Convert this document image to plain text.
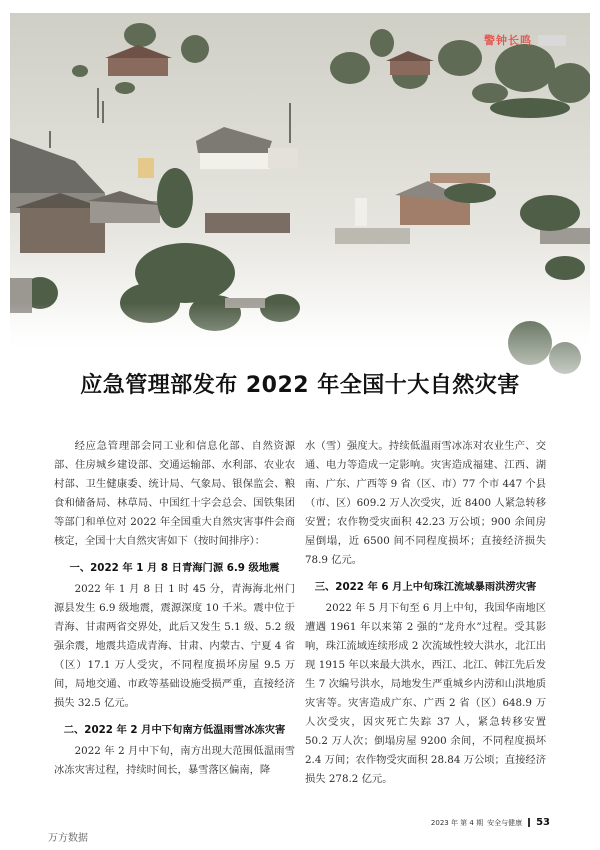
警钟长鸣
应急管理部发布 2022 年全国十大自然灾害

经应急管理部会同工业和信息化部、自然资源部、住房城乡建设部、交通运输部、水利部、农业农村部、卫生健康委、统计局、气象局、银保监会、粮食和储备局、林草局、中国红十字会总会、国铁集团等部门和单位对 2022 年全国重大自然灾害事件会商核定，全国十大自然灾害如下（按时间排序）：

一、2022 年 1 月 8 日青海门源 6.9 级地震

2022 年 1 月 8 日 1 时 45 分，青海海北州门源县发生 6.9 级地震，震源深度 10 千米。震中位于青海、甘肃两省交界处，此后又发生 5.1 级、5.2 级强余震，地震共造成青海、甘肃、内蒙古、宁夏 4 省（区）17.1 万人受灾，不同程度损坏房屋 9.5 万间，局地交通、市政等基础设施受损严重，直接经济损失 32.5 亿元。

二、2022 年 2 月中下旬南方低温雨雪冰冻灾害

2022 年 2 月中下旬，南方出现大范围低温雨雪冰冻灾害过程，持续时间长，暴雪落区偏南，降

水（雪）强度大。持续低温雨雪冰冻对农业生产、交通、电力等造成一定影响。灾害造成福建、江西、湖南、广东、广西等 9 省（区、市）77 个市 447 个县（市、区）609.2 万人次受灾，近 8400 人紧急转移安置；农作物受灾面积 42.23 万公顷；900 余间房屋倒塌，近 6500 间不同程度损坏；直接经济损失 78.9 亿元。

三、2022 年 6 月上中旬珠江流域暴雨洪涝灾害

2022 年 5 月下旬至 6 月上中旬，我国华南地区遭遇 1961 年以来第 2 强的“龙舟水”过程。受其影响，珠江流域连续形成 2 次流域性较大洪水，北江出现 1915 年以来最大洪水，西江、北江、韩江先后发生 7 次编号洪水，局地发生严重城乡内涝和山洪地质灾害等。灾害造成广东、广西 2 省（区）648.9 万人次受灾，因灾死亡失踪 37 人，紧急转移安置 50.2 万人次；倒塌房屋 9200 余间，不同程度损坏 2.4 万间；农作物受灾面积 28.84 万公顷；直接经济损失 278.2 亿元。

万方数据
2023 年 第 4 期 安全与健康 53
